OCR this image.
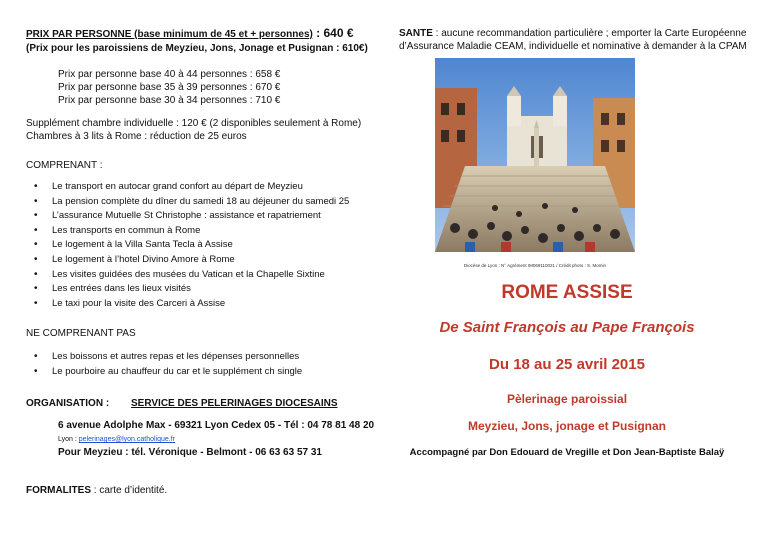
PRIX PAR PERSONNE (base minimum de 45 et + personnes) : 640 €
(Prix pour les paroissiens de Meyzieu, Jons, Jonage et Pusignan : 610€)
Prix par personne base 40 à 44 personnes : 658 €
Prix par personne base 35 à 39 personnes : 670 €
Prix par personne base 30 à 34 personnes : 710 €
Supplément chambre individuelle : 120 € (2 disponibles seulement à Rome)
Chambres à 3 lits à Rome : réduction de 25 euros
COMPRENANT :
• Le transport en autocar grand confort au départ de Meyzieu
• La pension complète du dîner du samedi 18 au déjeuner du samedi 25
• L’assurance Mutuelle St Christophe : assistance et rapatriement
• Les transports en commun à Rome
• Le logement à la Villa Santa Tecla à Assise
• Le logement à l’hotel Divino Amore à Rome
• Les visites guidées des musées du Vatican et la Chapelle Sixtine
• Les entrées dans les lieux visités
• Le taxi pour la visite des Carceri à Assise
NE COMPRENANT PAS
• Les boissons et autres repas et les dépenses personnelles
• Le pourboire au chauffeur du car et le supplément ch single
ORGANISATION : SERVICE DES PELERINAGES DIOCESAINS
6 avenue Adolphe Max - 69321 Lyon Cedex 05 - Tél : 04 78 81 48 20
Lyon : pelerinages@lyon.catholique.fr
Pour Meyzieu : tél. Véronique - Belmont - 06 63 63 57 31
FORMALITES : carte d’identité.
SANTE : aucune recommandation particulière ; emporter la Carte Européenne
d’Assurance Maladie CEAM, individuelle et nominative à demander à la CPAM
Diocèse de Lyon : N° Agrément IM069110021 / Crédit photo : S. Momin
ROME ASSISE
De Saint François au Pape François
Du 18 au 25 avril 2015
Pèlerinage paroissial
Meyzieu, Jons, jonage et Pusignan
Accompagné par Don Edouard de Vregille et Don Jean-Baptiste Balaÿ
